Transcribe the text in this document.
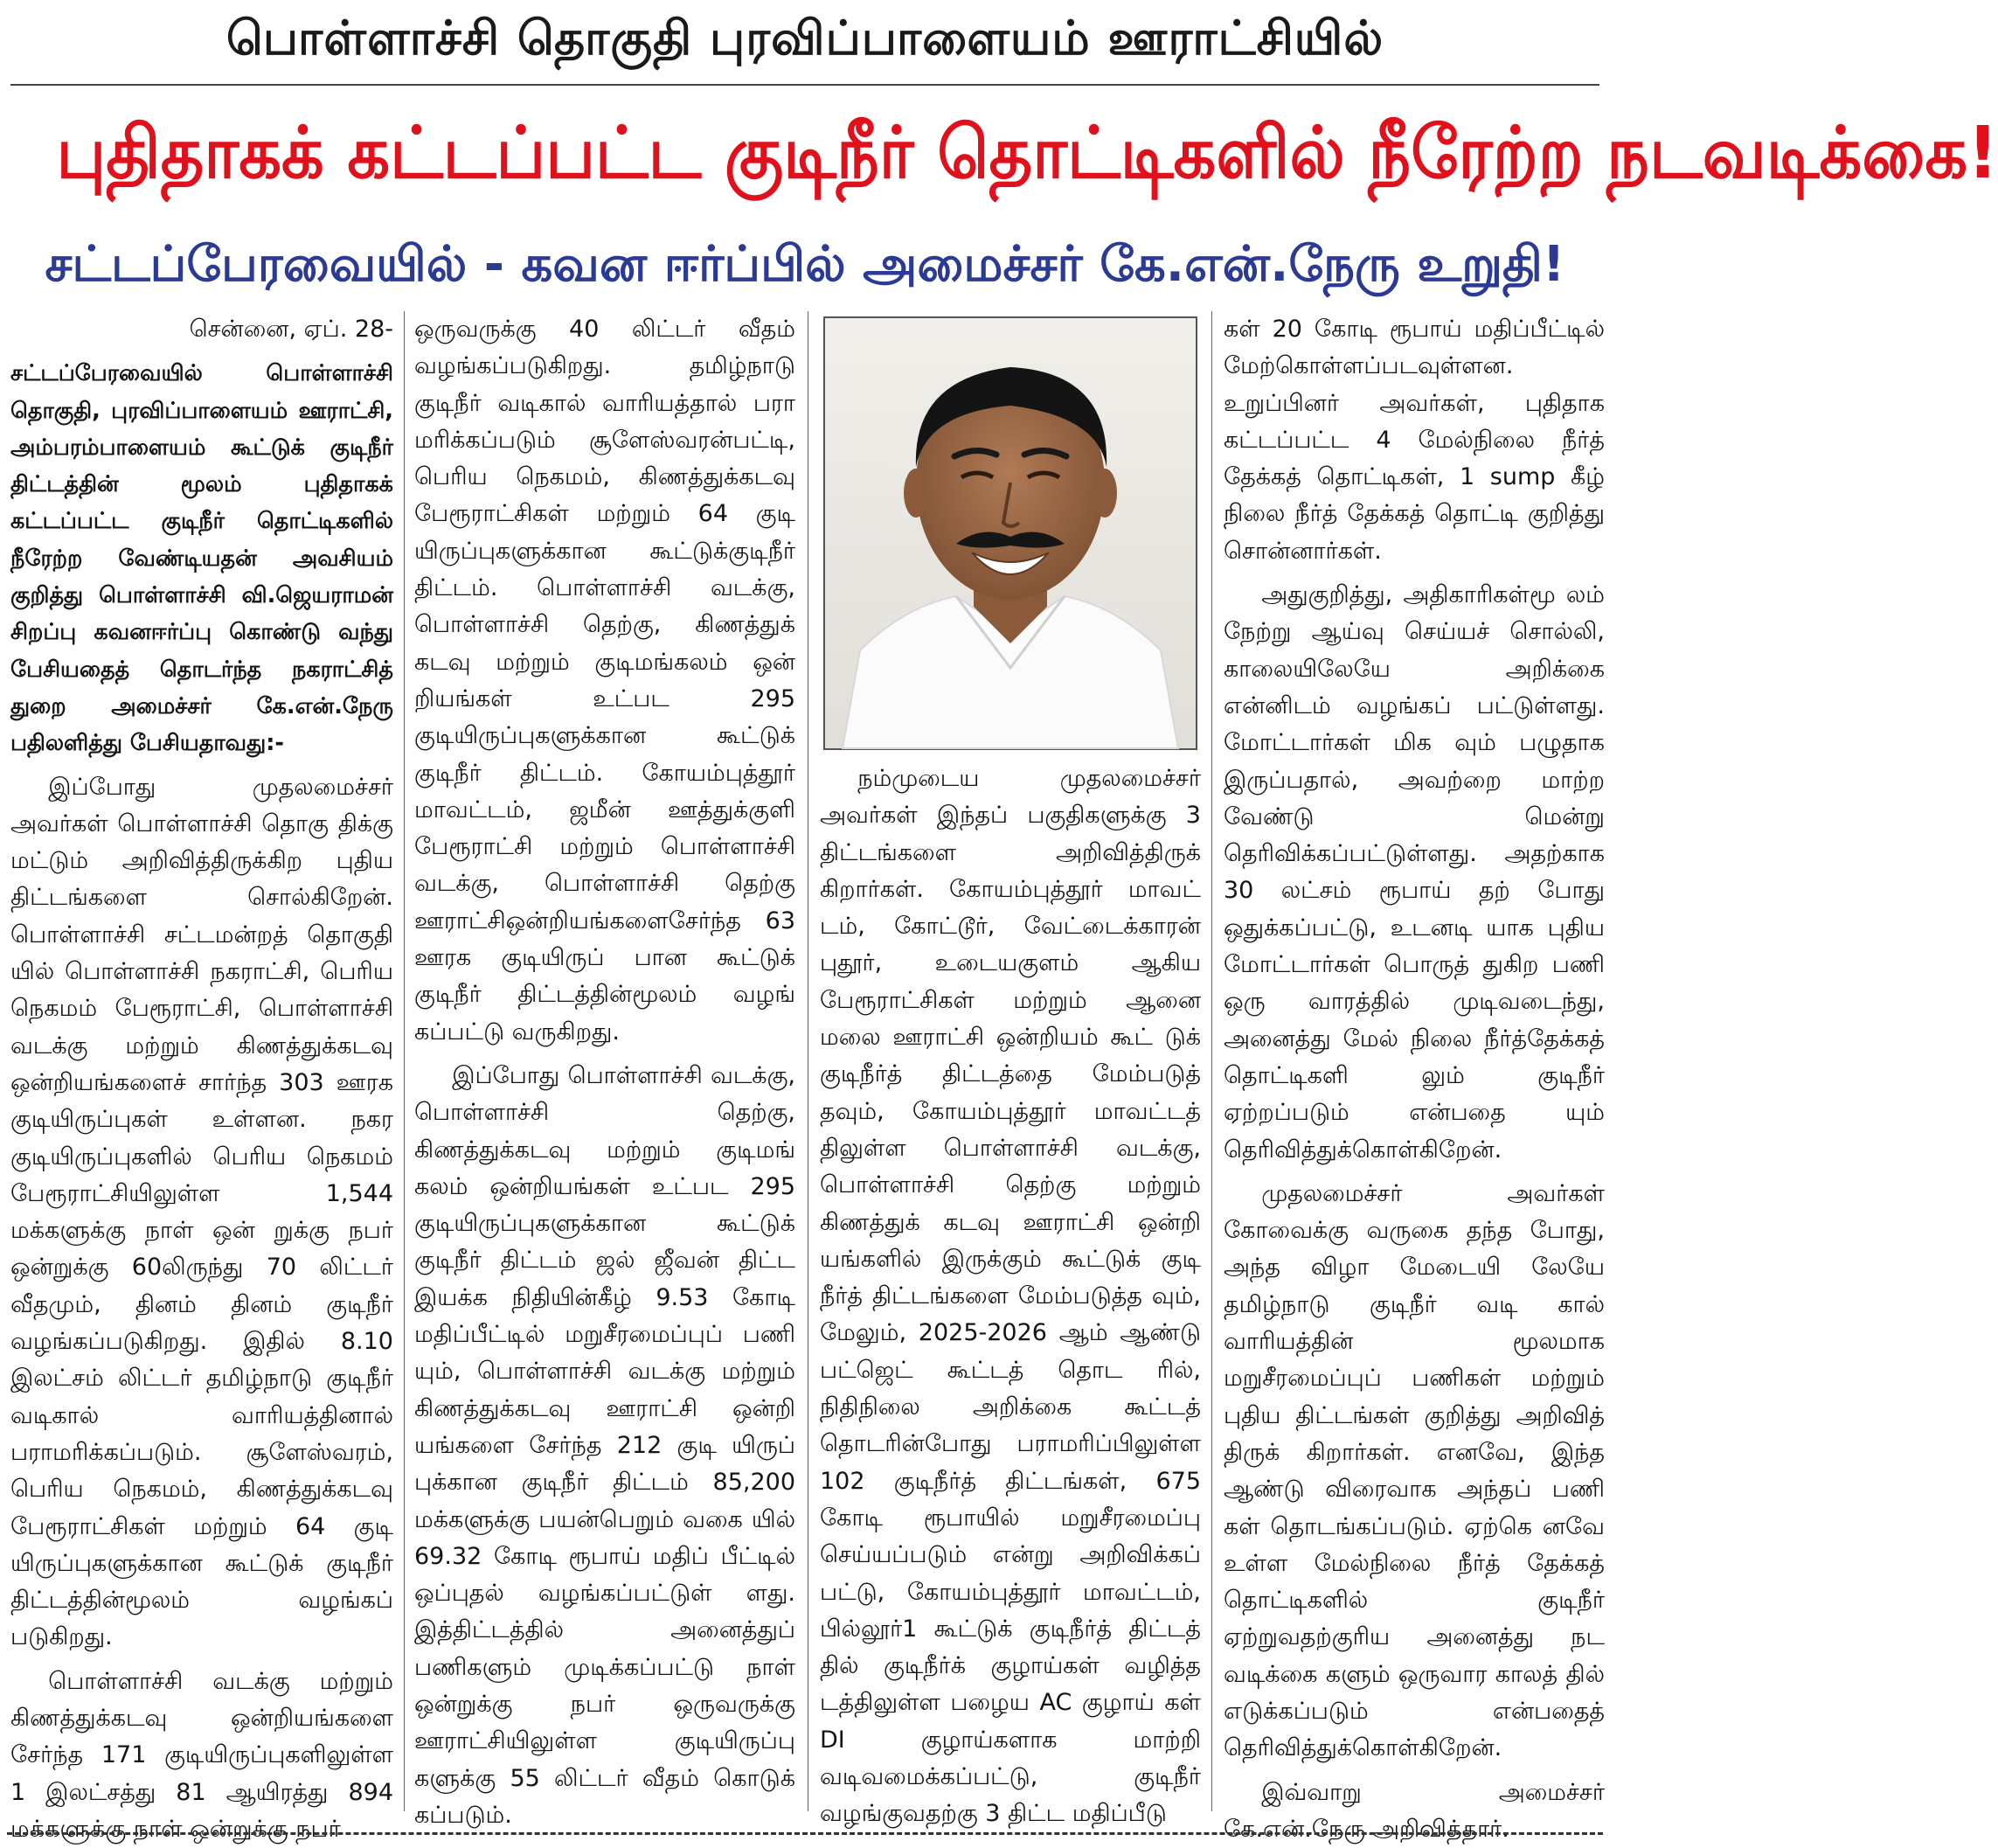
பொள்ளாச்சி தொகுதி புரவிப்பாளையம் ஊராட்சியில்
புதிதாகக் கட்டப்பட்ட குடிநீர் தொட்டிகளில் நீரேற்ற நடவடிக்கை!
சட்டப்பேரவையில் - கவன ஈர்ப்பில் அமைச்சர் கே.என்.நேரு உறுதி!

சென்னை, ஏப். 28-

சட்டப்பேரவையில் பொள்ளாச்சி தொகுதி, புரவிப்பாளையம் ஊராட்சி, அம்பரம்பாளையம் கூட்டுக் குடிநீர் திட்டத்தின் மூலம் புதிதாகக் கட்டப்பட்ட குடிநீர் தொட்டிகளில் நீரேற்ற வேண்டியதன் அவசியம் குறித்து பொள்ளாச்சி வி.ஜெயராமன் சிறப்பு கவனஈர்ப்பு கொண்டு வந்து பேசியதைத் தொடர்ந்த நகராட்சித் துறை அமைச்சர் கே.என்.நேரு பதிலளித்து பேசியதாவது:-

இப்போது முதலமைச்சர் அவர்கள் பொள்ளாச்சி தொகு திக்கு மட்டும் அறிவித்திருக்கிற புதிய திட்டங்களை சொல்கிறேன். பொள்ளாச்சி சட்டமன்றத் தொகுதி யில் பொள்ளாச்சி நகராட்சி, பெரிய நெகமம் பேரூராட்சி, பொள்ளாச்சி வடக்கு மற்றும் கிணத்துக்கடவு ஒன்றியங்களைச் சார்ந்த 303 ஊரக குடியிருப்புகள் உள்ளன. நகர குடியிருப்புகளில் பெரிய நெகமம் பேரூராட்சியிலுள்ள 1,544 மக்களுக்கு நாள் ஒன் றுக்கு நபர் ஒன்றுக்கு 60லிருந்து 70 லிட்டர் வீதமும், தினம் தினம் குடிநீர் வழங்கப்படுகிறது. இதில் 8.10 இலட்சம் லிட்டர் தமிழ்நாடு குடிநீர் வடிகால் வாரியத்தினால் பராமரிக்கப்படும். சூளேஸ்வரம், பெரிய நெகமம், கிணத்துக்கடவு பேரூராட்சிகள் மற்றும் 64 குடி யிருப்புகளுக்கான கூட்டுக் குடிநீர் திட்டத்தின்மூலம் வழங்கப் படுகிறது.

பொள்ளாச்சி வடக்கு மற்றும் கிணத்துக்கடவு ஒன்றியங்களை சேர்ந்த 171 குடியிருப்புகளிலுள்ள 1 இலட்சத்து 81 ஆயிரத்து 894 மக்களுக்கு நாள் ஒன்றுக்கு நபர்

ஒருவருக்கு 40 லிட்டர் வீதம் வழங்கப்படுகிறது. தமிழ்நாடு குடிநீர் வடிகால் வாரியத்தால் பரா மரிக்கப்படும் சூளேஸ்வரன்பட்டி, பெரிய நெகமம், கிணத்துக்கடவு பேரூராட்சிகள் மற்றும் 64 குடி யிருப்புகளுக்கான கூட்டுக்குடிநீர் திட்டம். பொள்ளாச்சி வடக்கு, பொள்ளாச்சி தெற்கு, கிணத்துக் கடவு மற்றும் குடிமங்கலம் ஒன் றியங்கள் உட்பட 295 குடியிருப்புகளுக்கான கூட்டுக் குடிநீர் திட்டம். கோயம்புத்தூர் மாவட்டம், ஜமீன் ஊத்துக்குளி பேரூராட்சி மற்றும் பொள்ளாச்சி வடக்கு, பொள்ளாச்சி தெற்கு ஊராட்சிஒன்றியங்களைசேர்ந்த 63 ஊரக குடியிருப் பான கூட்டுக் குடிநீர் திட்டத்தின்மூலம் வழங் கப்பட்டு வருகிறது.

இப்போது பொள்ளாச்சி வடக்கு, பொள்ளாச்சி தெற்கு, கிணத்துக்கடவு மற்றும் குடிமங் கலம் ஒன்றியங்கள் உட்பட 295 குடியிருப்புகளுக்கான கூட்டுக் குடிநீர் திட்டம் ஜல் ஜீவன் திட்ட இயக்க நிதியின்கீழ் 9.53 கோடி மதிப்பீட்டில் மறுசீரமைப்புப் பணி யும், பொள்ளாச்சி வடக்கு மற்றும் கிணத்துக்கடவு ஊராட்சி ஒன்றி யங்களை சேர்ந்த 212 குடி யிருப் புக்கான குடிநீர் திட்டம் 85,200 மக்களுக்கு பயன்பெறும் வகை யில் 69.32 கோடி ரூபாய் மதிப் பீட்டில் ஒப்புதல் வழங்கப்பட்டுள் ளது. இத்திட்டத்தில் அனைத்துப் பணிகளும் முடிக்கப்பட்டு நாள் ஒன்றுக்கு நபர் ஒருவருக்கு ஊராட்சியிலுள்ள குடியிருப்பு களுக்கு 55 லிட்டர் வீதம் கொடுக் கப்படும்.

நம்முடைய முதலமைச்சர் அவர்கள் இந்தப் பகுதிகளுக்கு 3 திட்டங்களை அறிவித்திருக் கிறார்கள். கோயம்புத்தூர் மாவட் டம், கோட்டூர், வேட்டைக்காரன் புதூர், உடையகுளம் ஆகிய பேரூராட்சிகள் மற்றும் ஆனை மலை ஊராட்சி ஒன்றியம் கூட் டுக் குடிநீர்த் திட்டத்தை மேம்படுத் தவும், கோயம்புத்தூர் மாவட்டத் திலுள்ள பொள்ளாச்சி வடக்கு, பொள்ளாச்சி தெற்கு மற்றும் கிணத்துக் கடவு ஊராட்சி ஒன்றி யங்களில் இருக்கும் கூட்டுக் குடி நீர்த் திட்டங்களை மேம்படுத்த வும், மேலும், 2025-2026 ஆம் ஆண்டு பட்ஜெட் கூட்டத் தொட ரில், நிதிநிலை அறிக்கை கூட்டத் தொடரின்போது பராமரிப்பிலுள்ள 102 குடிநீர்த் திட்டங்கள், 675 கோடி ரூபாயில் மறுசீரமைப்பு செய்யப்படும் என்று அறிவிக்கப் பட்டு, கோயம்புத்தூர் மாவட்டம், பில்லூர்1 கூட்டுக் குடிநீர்த் திட்டத் தில் குடிநீர்க் குழாய்கள் வழித்த டத்திலுள்ள பழைய AC குழாய் கள் DI குழாய்களாக மாற்றி வடிவமைக்கப்பட்டு, குடிநீர் வழங்குவதற்கு 3 திட்ட மதிப்பீடு

கள் 20 கோடி ரூபாய் மதிப்பீட்டில் மேற்கொள்ளப்படவுள்ளன. உறுப்பினர் அவர்கள், புதிதாக கட்டப்பட்ட 4 மேல்நிலை நீர்த் தேக்கத் தொட்டிகள், 1 sump கீழ் நிலை நீர்த் தேக்கத் தொட்டி குறித்து சொன்னார்கள்.

அதுகுறித்து, அதிகாரிகள்மூ லம் நேற்று ஆய்வு செய்யச் சொல்லி, காலையிலேயே அறிக்கை என்னிடம் வழங்கப் பட்டுள்ளது. மோட்டார்கள் மிக வும் பழுதாக இருப்பதால், அவற்றை மாற்ற வேண்டு மென்று தெரிவிக்கப்பட்டுள்ளது. அதற்காக 30 லட்சம் ரூபாய் தற் போது ஒதுக்கப்பட்டு, உடனடி யாக புதிய மோட்டார்கள் பொருத் துகிற பணி ஒரு வாரத்தில் முடிவடைந்து, அனைத்து மேல் நிலை நீர்த்தேக்கத் தொட்டிகளி லும் குடிநீர் ஏற்றப்படும் என்பதை யும் தெரிவித்துக்கொள்கிறேன்.

முதலமைச்சர் அவர்கள் கோவைக்கு வருகை தந்த போது, அந்த விழா மேடையி லேயே தமிழ்நாடு குடிநீர் வடி கால் வாரியத்தின் மூலமாக மறுசீரமைப்புப் பணிகள் மற்றும் புதிய திட்டங்கள் குறித்து அறிவித் திருக் கிறார்கள். எனவே, இந்த ஆண்டு விரைவாக அந்தப் பணி கள் தொடங்கப்படும். ஏற்கெ னவே உள்ள மேல்நிலை நீர்த் தேக்கத் தொட்டிகளில் குடிநீர் ஏற்றுவதற்குரிய அனைத்து நட வடிக்கை களும் ஒருவார காலத் தில் எடுக்கப்படும் என்பதைத் தெரிவித்துக்கொள்கிறேன்.

இவ்வாறு அமைச்சர் கே.என்.நேரு அறிவித்தார்.
